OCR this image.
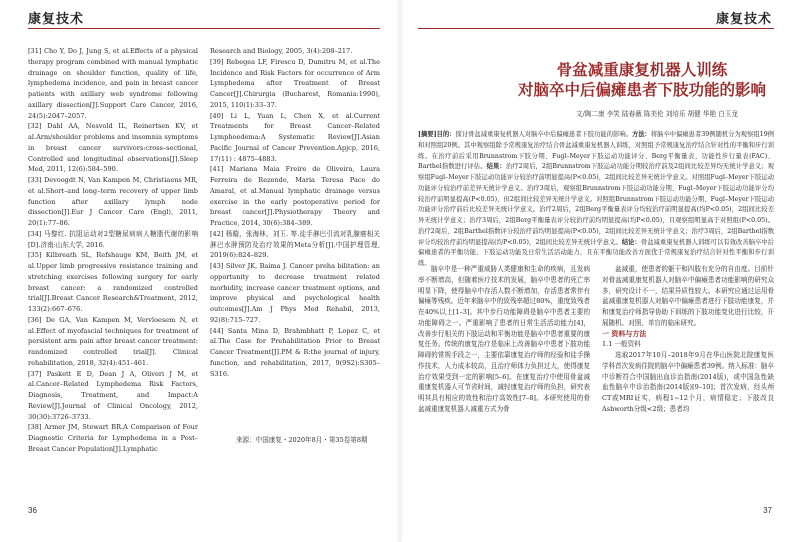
康复技术

[31] Cho Y, Do J, Jung S, et al.Effects of a physical therapy program combined with manual lymphatic drainage on shoulder function, quality of life, lymphedema incidence, and pain in breast cancer patients with axillary web syndrome following axillary dissection[J].Support Care Cancer, 2016, 24(5):2047–2057.

[32] Dahl AA, Nesvold IL, Reinertsen KV, et al.Arm/shoulder problems and insomnia symptoms in breast cancer survivors:cross–sectional, Controlled and longitudinal observations[J].Sleep Med, 2011, 12(6):584–590.

[33] Devoogdt N, Van Kampen M, Christiaens MR, et al.Short–and long–term recovery of upper limb function after axillary lymph node dissection[J].Eur J Cancer Care (Engl), 2011, 20(1):77–86.

[34] 马黎红. 抗阻运动对2型糖尿病病人糖脂代谢的影响[D].济南:山东大学, 2016.

[35] Kilbreath SL, Refshauge KM, Beith JM, et al.Upper limb progressive resistance training and stretching exercises following surgery for early breast cancer: a randomized controlled trial[J].Breast Cancer Research&Treatment, 2012, 133(2):667–676.

[36] De GA, Van Kampen M, Vervloesem N, et al.Effect of myofascial techniques for treatment of persistent arm pain after breast cancer treatment: randomized controlled trial[J]. Clinical rehabilitation, 2018, 32(4):451–461.

[37] Paskett E D, Dean J A, Oliveri J M, et al.Cancer–Related Lymphedema Risk Factors, Diagnosis, Treatment, and Impact:A Review[J].Journal of Clinical Oncology, 2012, 30(30):3726–3733.

[38] Armer JM, Stewart BR.A Comparison of Four Diagnostic Criteria for Lymphedema in a Post–Breast Cancer Population[J].Lymphatic

Research and Biology, 2005, 3(4):208–217.

[39] Rebegea LF, Firescu D, Dumitru M, et al.The Incidence and Risk Factors for occurrence of Arm Lymphedema after Treatment of Breast Cancer[J].Chirurgia (Bucharest, Romania:1990), 2015, 110(1):33–37.

[40] Li L, Yuan L, Chen X, et al.Current Treatments for Breast Cancer–Related Lymphoedema:A Systematic Review[J].Asian Pacific Journal of Cancer Prevention.Apjcp, 2016, 17(11) : 4875–4883.

[41] Mariana Maia Freire de Oliveira, Laura Ferreira de Rezende, Maria Teresa Pace do Amaral, et al.Manual lymphatic drainage versus exercise in the early postoperative period for breast cancer[J].Physiotherapy Theory and Practice, 2014, 30(6):384–389.

[42] 杨璇，张海林，刘玉. 等.徒手淋巴引流对乳腺癌相关淋巴水肿预防及治疗效果的Meta分析[J].中国护理管理, 2019(6):824–829.

[43] Silver JK, Baima J. Cancer preha bilitation: an opportunity to decrease treatment related morbidity, increase cancer treatment options, and improve physical and psychological health outcomes[J].Am J Phys Med Rehabil, 2013, 92(8):715–727.

[44] Santa Mina D, Brahmbhatt P, Lopez C, et al.The Case for Prehabilitation Prior to Breast Cancer Treatment[J].PM & R:the journal of injury, function, and rehabilitation, 2017, 9(9S2):S305–S316.

来源：中国康复・2020年8月・第35卷第8期
36
康复技术
骨盆减重康复机器人训练
对脑卒中后偏瘫患者下肢功能的影响
文/陶二康 李笑 陆春薇 陈美伦 刘培乐 胡健 华艳 白玉龙
[摘要]目的：探讨骨盆减重康复机器人对脑卒中后偏瘫患者下肢功能的影响。方法：将脑卒中偏瘫患者39例随机分为观察组19例和对照组20例。其中观察组除予常规康复治疗结合骨盆减重康复机器人训练，对照组予常规康复治疗结合针对性的平衡和步行训练。在治疗前后采用Brunnstrom下肢分期、Fugl–Meyer下肢运动功能评分、Berg平衡量表、功能性步行量表(FAC)、Barthel指数进行评估。结果：治疗2周后，2组Brunnstrom下肢运动功能分期较治疗前及2组间比较差异均无统计学意义；观察组Fugl–Meyer下肢运动功能评分较治疗前明显提高(P<0.05)，2组间比较差异无统计学意义。对照组Fugl–Meyer下肢运动功能评分较治疗前差异无统计学意义。治疗3周后，观察组Brunnstrom下肢运动功能分期、Fugl–Meyer下肢运动功能评分均较治疗前明显提高(P<0.05)，但2组间比较差异无统计学意义。对照组Brunnstrom下肢运动功能分期、Fugl–Meyer下肢运动功能评分治疗前后比较差异无统计学意义。治疗2周后，2组Berg平衡量表评分均较治疗前明显提高(均P<0.05)，2组间比较差异无统计学意义；治疗3周后，2组Berg平衡量表评分较治疗前均明显提高(均P<0.05)，且观察组明显高于对照组(P<0.05)。治疗2周后、2组Barthel指数评分较治疗前均明显提高(P<0.05)，2组间比较差异无统计学意义；治疗3周后，2组Barthel指数评分均较治疗前均明显提高(均P<0.05)，2组间比较差异无统计学意义。结论：骨盆减重康复机器人训练可以有效改善脑卒中后偏瘫患者的平衡功能、下肢运动功能及日常生活活动能力，且在平衡功能改善方面优于常规康复治疗结合针对性平衡和步行训练。

脑卒中是一种严重威胁人类健康和生命的疾病，且发病率不断增高，但随着医疗技术的发展，脑卒中患者的死亡率明显下降，使得脑卒中存活人数不断增加，存活患者常伴有偏瘫等残疾。近年来脑卒中的致残率超过80%，重度致残者在40%以上[1–3]。其中步行功能障碍是脑卒中患者主要的功能障碍之一。严重影响了患者的日常生活活动能力[4]，改善步行相关的下肢运动和平衡功能是脑卒中患者重要的康复任务。传统的康复治疗是临床上改善脑卒中患者下肢功能障碍的常规手段之一，主要依靠康复治疗师的经验和徒手操作技术，人力成本较高，且治疗师体力负担过大，使得康复治疗效果受到一定的影响[5–6]。在康复治疗中使用骨盆减重康复机器人可节省时间，减轻康复治疗师的负担，研究表明其具有相应的效性和治疗高效性[7–8]。本研究使用的骨盆减重康复机器人减重方式为骨

盆减重，使患者的躯干和四肢有充分的自由度。目前针对骨盆减重康复机器人对脑卒中偏瘫患者功能影响的研究众多，研究设计不一，结果异质性较大。本研究应通过运用骨盆减重康复机器人对脑卒中偏瘫患者进行下肢功能康复，并和康复治疗师指导协助下训练的下肢功能变化进行比较，开展随机、对照、单盲的临床研究。

一 资料与方法

1.1 一般资料

选取2017年10月–2018年9月在华山医院北院康复医学科首次发病住院的脑卒中偏瘫患者39例。纳入标准：脑卒中诊断符合中国脑出血诊治指南(2014版)，或中国急性缺血性脑卒中诊治指南(2014版)[9–10]；首次发病，经头颅CT或MRI证实，病程1~12个月，病情稳定；下肢改良Ashworth分级<2级；患者均

37
